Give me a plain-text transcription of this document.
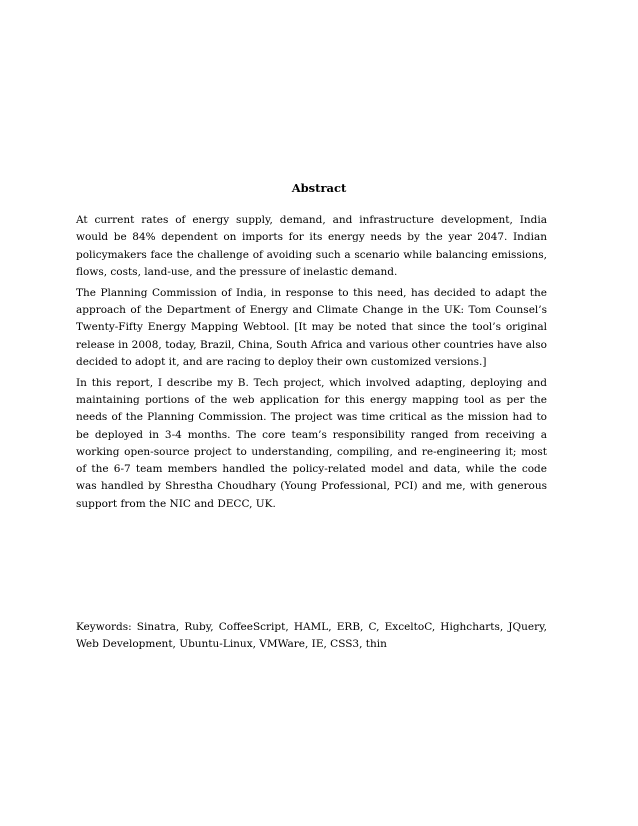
Abstract

At current rates of energy supply, demand, and infrastructure development, India would be 84% dependent on imports for its energy needs by the year 2047. Indian policymakers face the challenge of avoiding such a scenario while balancing emissions, flows, costs, land-use, and the pressure of inelastic demand.

The Planning Commission of India, in response to this need, has decided to adapt the approach of the Department of Energy and Climate Change in the UK: Tom Counsel’s Twenty-Fifty Energy Mapping Webtool. [It may be noted that since the tool’s original release in 2008, today, Brazil, China, South Africa and various other countries have also decided to adopt it, and are racing to deploy their own customized versions.]

In this report, I describe my B. Tech project, which involved adapting, deploying and maintaining portions of the web application for this energy mapping tool as per the needs of the Planning Commission. The project was time critical as the mission had to be deployed in 3-4 months. The core team’s responsibility ranged from receiving a working open-source project to understanding, compiling, and re-engineering it; most of the 6-7 team members handled the policy-related model and data, while the code was handled by Shrestha Choudhary (Young Professional, PCI) and me, with generous support from the NIC and DECC, UK.

Keywords: Sinatra, Ruby, CoffeeScript, HAML, ERB, C, ExceltoC, Highcharts, JQuery, Web Development, Ubuntu-Linux, VMWare, IE, CSS3, thin
